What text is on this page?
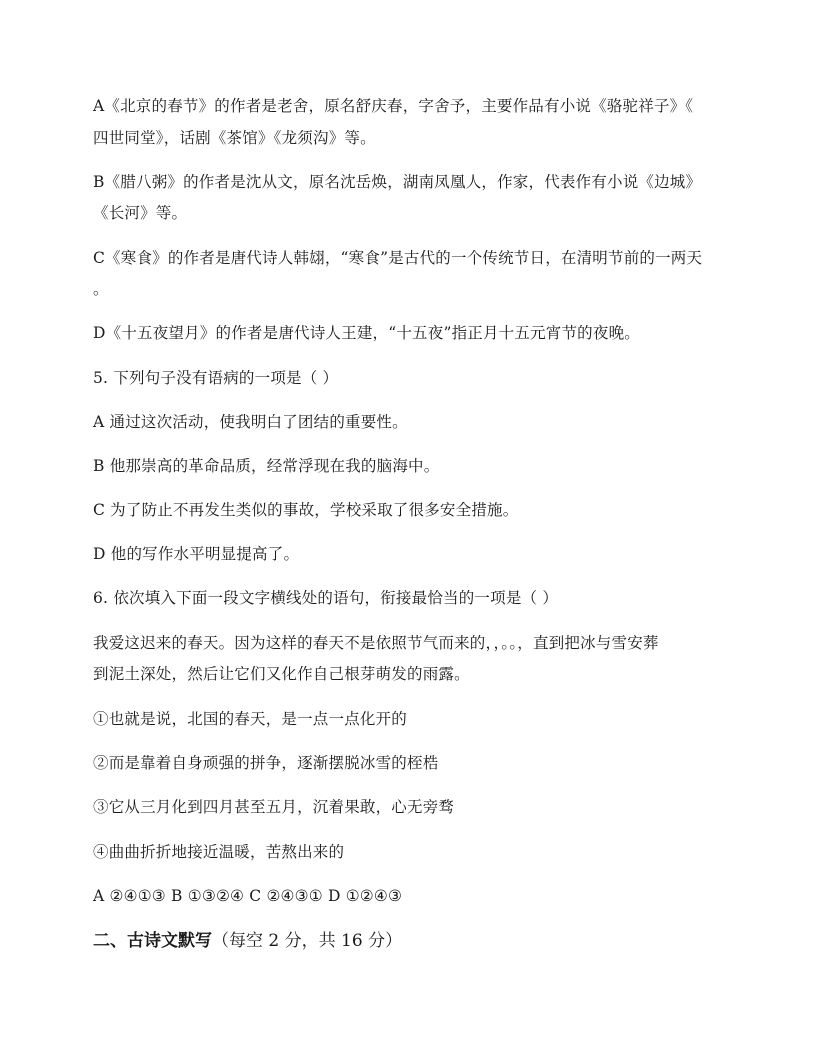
A《北京的春节》的作者是老舍，原名舒庆春，字舍予，主要作品有小说《骆驼祥子》《
四世同堂》，话剧《茶馆》《龙须沟》等。
B《腊八粥》的作者是沈从文，原名沈岳焕，湖南凤凰人，作家，代表作有小说《边城》
《长河》等。
C《寒食》的作者是唐代诗人韩翃，“寒食”是古代的一个传统节日，在清明节前的一两天
。
D《十五夜望月》的作者是唐代诗人王建，“十五夜”指正月十五元宵节的夜晚。
5. 下列句子没有语病的一项是（ ）
A 通过这次活动，使我明白了团结的重要性。
B 他那崇高的革命品质，经常浮现在我的脑海中。
C 为了防止不再发生类似的事故，学校采取了很多安全措施。
D 他的写作水平明显提高了。
6. 依次填入下面一段文字横线处的语句，衔接最恰当的一项是（ ）
我爱这迟来的春天。因为这样的春天不是依照节气而来的，，。。，直到把冰与雪安葬
到泥土深处，然后让它们又化作自己根芽萌发的雨露。
①也就是说，北国的春天，是一点一点化开的
②而是靠着自身顽强的拼争，逐渐摆脱冰雪的桎梏
③它从三月化到四月甚至五月，沉着果敢，心无旁骛
④曲曲折折地接近温暖，苦熬出来的
A ②④①③ B ①③②④ C ②④③① D ①②④③
二、古诗文默写（每空 2 分，共 16 分）
